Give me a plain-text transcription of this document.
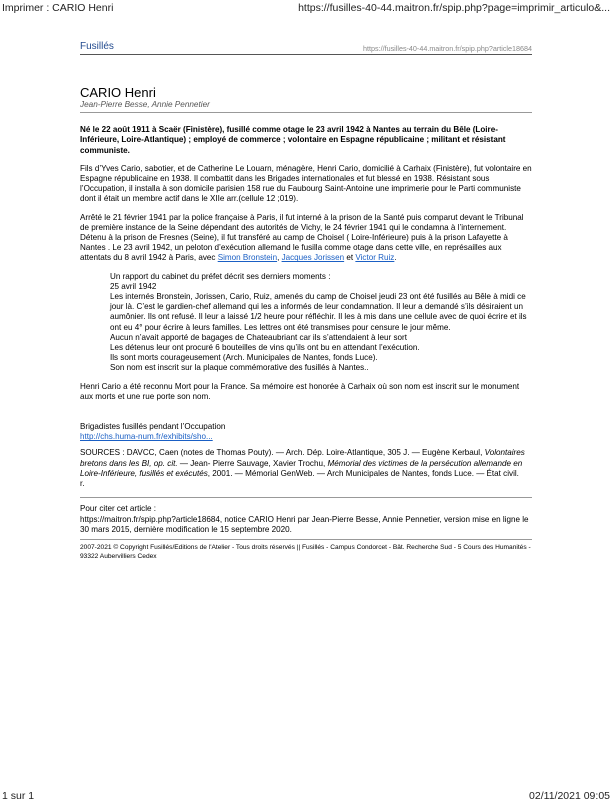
Imprimer : CARIO Henri	https://fusilles-40-44.maitron.fr/spip.php?page=imprimir_articulo&...
Fusillés	https://fusilles-40-44.maitron.fr/spip.php?article18684
CARIO Henri
Jean-Pierre Besse, Annie Pennetier

Né le 22 août 1911 à Scaër (Finistère), fusillé comme otage le 23 avril 1942 à Nantes au terrain du Bêle (Loire-Inférieure, Loire-Atlantique) ; employé de commerce ; volontaire en Espagne républicaine ; militant et résistant communiste.

Fils d’Yves Cario, sabotier, et de Catherine Le Louarn, ménagère, Henri Cario, domicilié à Carhaix (Finistère), fut volontaire en Espagne républicaine en 1938. Il combattit dans les Brigades internationales et fut blessé en 1938. Résistant sous l’Occupation, il installa à son domicile parisien 158 rue du Faubourg Saint-Antoine une imprimerie pour le Parti communiste dont il était un membre actif dans le XIIe arr.(cellule 12 ;019).

Arrêté le 21 février 1941 par la police française à Paris, il fut interné à la prison de la Santé puis comparut devant le Tribunal de première instance de la Seine dépendant des autorités de Vichy, le 24 février 1941 qui le condamna à l’internement. Détenu à la prison de Fresnes (Seine), il fut transféré au camp de Choisel ( Loire-Inférieure) puis à la prison Lafayette à Nantes . Le 23 avril 1942, un peloton d’exécution allemand le fusilla comme otage dans cette ville, en représailles aux attentats du 8 avril 1942 à Paris, avec Simon Bronstein, Jacques Jorissen et Victor Ruiz.

Un rapport du cabinet du préfet décrit ses derniers moments :
25 avril 1942
Les internés Bronstein, Jorissen, Cario, Ruiz, amenés du camp de Choisel jeudi 23 ont été fusillés au Bêle à midi ce jour là. C’est le gardien-chef allemand qui les a informés de leur condamnation. Il leur a demandé s’ils désiraient un aumônier. Ils ont refusé. Il leur a laissé 1/2 heure pour réfléchir. Il les à mis dans une cellule avec de quoi écrire et ils ont eu 4° pour écrire à leurs familles. Les lettres ont été transmises pour censure le jour même.
Aucun n’avait apporté de bagages de Chateaubriant car ils s’attendaient à leur sort
Les détenus leur ont procuré 6 bouteilles de vins qu’ils ont bu en attendant l’exécution.
Ils sont morts courageusement (Arch. Municipales de Nantes, fonds Luce).
Son nom est inscrit sur la plaque commémorative des fusillés à Nantes..

Henri Cario a été reconnu Mort pour la France. Sa mémoire est honorée à Carhaix où son nom est inscrit sur le monument aux morts et une rue porte son nom.

Brigadistes fusillés pendant l’Occupation
http://chs.huma-num.fr/exhibits/sho...

SOURCES : DAVCC, Caen (notes de Thomas Pouty). — Arch. Dép. Loire-Atlantique, 305 J. — Eugène Kerbaul, Volontaires bretons dans les BI, op. cit. — Jean- Pierre Sauvage, Xavier Trochu, Mémorial des victimes de la persécution allemande en Loire-Inférieure, fusillés et exécutés, 2001. — Mémorial GenWeb. — Arch Municipales de Nantes, fonds Luce. — État civil.
r.

Pour citer cet article :
https://maitron.fr/spip.php?article18684, notice CARIO Henri par Jean-Pierre Besse, Annie Pennetier, version mise en ligne le 30 mars 2015, dernière modification le 15 septembre 2020.
2007-2021 © Copyright Fusillés/Editions de l'Atelier - Tous droits réservés || Fusillés - Campus Condorcet - Bât. Recherche Sud - 5 Cours des Humanités - 93322 Aubervilliers Cedex
1 sur 1	02/11/2021 09:05
